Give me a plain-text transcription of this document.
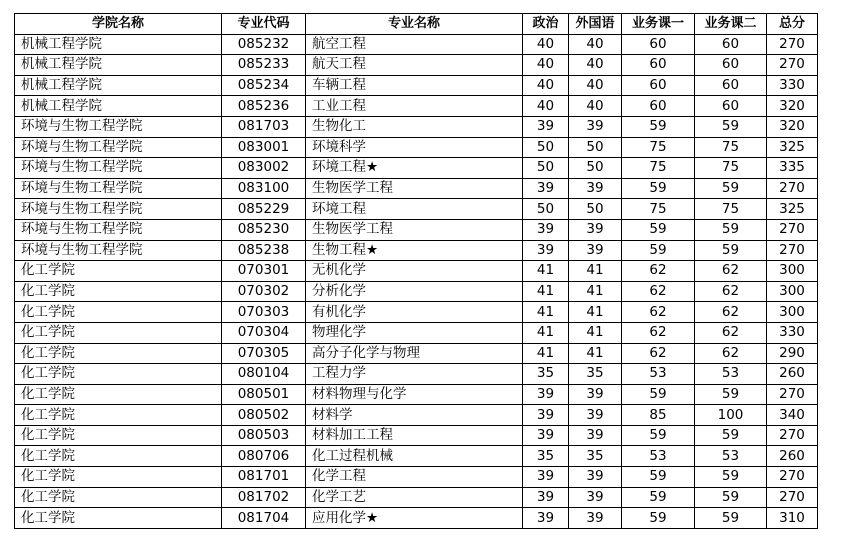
学院名称	专业代码	专业名称	政治	外国语	业务课一	业务课二	总分
机械工程学院	085232	航空工程	40	40	60	60	270
机械工程学院	085233	航天工程	40	40	60	60	270
机械工程学院	085234	车辆工程	40	40	60	60	330
机械工程学院	085236	工业工程	40	40	60	60	320
环境与生物工程学院	081703	生物化工	39	39	59	59	320
环境与生物工程学院	083001	环境科学	50	50	75	75	325
环境与生物工程学院	083002	环境工程★	50	50	75	75	335
环境与生物工程学院	083100	生物医学工程	39	39	59	59	270
环境与生物工程学院	085229	环境工程	50	50	75	75	325
环境与生物工程学院	085230	生物医学工程	39	39	59	59	270
环境与生物工程学院	085238	生物工程★	39	39	59	59	270
化工学院	070301	无机化学	41	41	62	62	300
化工学院	070302	分析化学	41	41	62	62	300
化工学院	070303	有机化学	41	41	62	62	300
化工学院	070304	物理化学	41	41	62	62	330
化工学院	070305	高分子化学与物理	41	41	62	62	290
化工学院	080104	工程力学	35	35	53	53	260
化工学院	080501	材料物理与化学	39	39	59	59	270
化工学院	080502	材料学	39	39	85	100	340
化工学院	080503	材料加工工程	39	39	59	59	270
化工学院	080706	化工过程机械	35	35	53	53	260
化工学院	081701	化学工程	39	39	59	59	270
化工学院	081702	化学工艺	39	39	59	59	270
化工学院	081704	应用化学★	39	39	59	59	310
